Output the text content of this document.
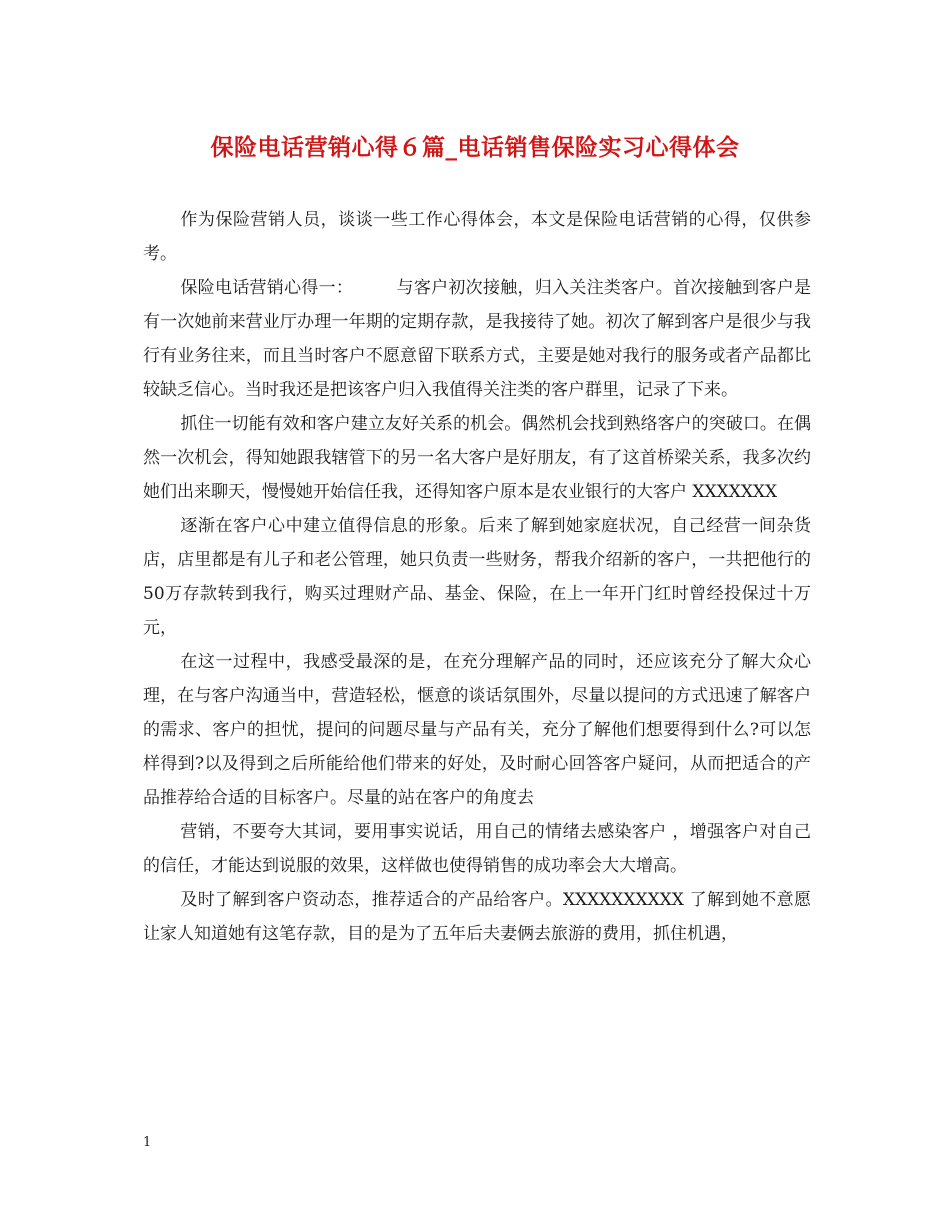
保险电话营销心得６篇_电话销售保险实习心得体会

作为保险营销人员，谈谈一些工作心得体会，本文是保险电话营销的心得，仅供参考。

保险电话营销心得一：　　　与客户初次接触，归入关注类客户。首次接触到客户是有一次她前来营业厅办理一年期的定期存款，是我接待了她。初次了解到客户是很少与我行有业务往来，而且当时客户不愿意留下联系方式，主要是她对我行的服务或者产品都比较缺乏信心。当时我还是把该客户归入我值得关注类的客户群里，记录了下来。

抓住一切能有效和客户建立友好关系的机会。偶然机会找到熟络客户的突破口。在偶然一次机会，得知她跟我辖管下的另一名大客户是好朋友，有了这首桥梁关系，我多次约她们出来聊天，慢慢她开始信任我，还得知客户原本是农业银行的大客户 XXXXXXX

逐渐在客户心中建立值得信息的形象。后来了解到她家庭状况，自己经营一间杂货店，店里都是有儿子和老公管理，她只负责一些财务，帮我介绍新的客户，一共把他行的50万存款转到我行，购买过理财产品、基金、保险，在上一年开门红时曾经投保过十万元，

在这一过程中，我感受最深的是，在充分理解产品的同时，还应该充分了解大众心理，在与客户沟通当中，营造轻松，惬意的谈话氛围外，尽量以提问的方式迅速了解客户的需求、客户的担忧，提问的问题尽量与产品有关，充分了解他们想要得到什么?可以怎样得到?以及得到之后所能给他们带来的好处，及时耐心回答客户疑问，从而把适合的产品推荐给合适的目标客户。尽量的站在客户的角度去

营销，不要夸大其词，要用事实说话，用自己的情绪去感染客户 ，增强客户对自己的信任，才能达到说服的效果，这样做也使得销售的成功率会大大增高。

及时了解到客户资动态，推荐适合的产品给客户。XXXXXXXXXX 了解到她不意愿让家人知道她有这笔存款，目的是为了五年后夫妻俩去旅游的费用，抓住机遇，

1
